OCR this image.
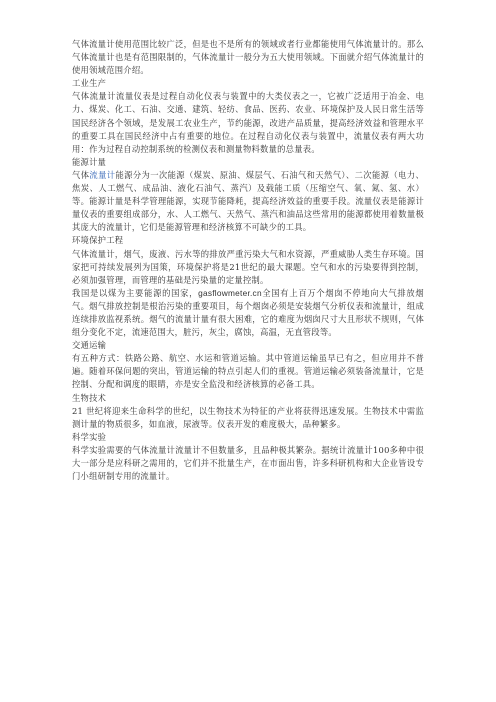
气体流量计使用范围比较广泛，但是也不是所有的领域或者行业都能使用气体流量计的。那么气体流量计也是有范围限制的，气体流量计一般分为五大使用领域。下面就介绍气体流量计的使用领域范围介绍。

工业生产

气体流量计流量仪表是过程自动化仪表与装置中的大类仪表之一，它被广泛适用于冶金、电力、煤炭、化工、石油、交通、建筑、轻纺、食品、医药、农业、环境保护及人民日常生活等国民经济各个领域，是发展工农业生产，节约能源，改进产品质量，提高经济效益和管理水平的重要工具在国民经济中占有重要的地位。在过程自动化仪表与装置中，流量仪表有两大功用：作为过程自动控制系统的检测仪表和测量物料数量的总量表。

能源计量

气体流量计能源分为一次能源（煤炭、原油、煤层气、石油气和天然气）、二次能源（电力、焦炭、人工燃气、成品油、液化石油气、蒸汽）及载能工质（压缩空气、氧、氮、氢、水）等。能源计量是科学管理能源，实现节能降耗，提高经济效益的重要手段。流量仪表是能源计量仪表的重要组成部分，水、人工燃气、天然气、蒸汽和油品这些常用的能源都使用着数量极其庞大的流量计，它们是能源管理和经济核算不可缺少的工具。

环境保护工程

气体流量计，烟气，废液、污水等的排放严重污染大气和水资源，严重威胁人类生存环境。国家把可持续发展列为国策，环境保护将是21世纪的最大课题。空气和水的污染要得到控制，必须加强管理，而管理的基础是污染量的定量控制。

我国是以煤为主要能源的国家，gasflowmeter.cn全国有上百万个烟囱不停地向大气排放烟气。烟气排放控制是根治污染的重要项目，每个烟囱必须是安装烟气分析仪表和流量计，组成连续排放监视系统。烟气的流量计量有很大困难，它的难度为烟囱尺寸大且形状不规则，气体组分变化不定，流速范围大，脏污，灰尘，腐蚀，高温，无直管段等。

交通运输

有五种方式：铁路公路、航空、水运和管道运输。其中管道运输虽早已有之，但应用并不普遍。随着环保问题的突出，管道运输的特点引起人们的重视。管道运输必须装备流量计，它是控制、分配和调度的眼睛，亦是安全监没和经济核算的必备工具。

生物技术

21 世纪将迎来生命科学的世纪，以生物技术为特征的产业将获得迅速发展。生物技术中需监测计量的物质很多，如血液，尿液等。仪表开发的难度极大，品种繁多。

科学实验

科学实验需要的气体流量计流量计不但数量多，且品种极其繁杂。据统计流量计100多种中很大一部分是应科研之需用的，它们并不批量生产，在市面出售，许多科研机构和大企业皆设专门小组研制专用的流量计。
